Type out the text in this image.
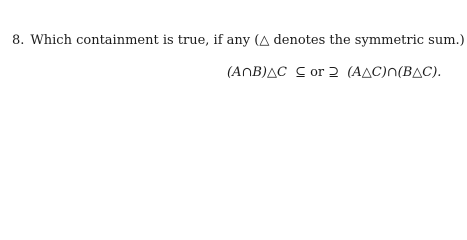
8. Which containment is true, if any (△ denotes the symmetric sum.)
(A∩B)△C ⊆ or ⊇ (A△C)∩(B△C).
